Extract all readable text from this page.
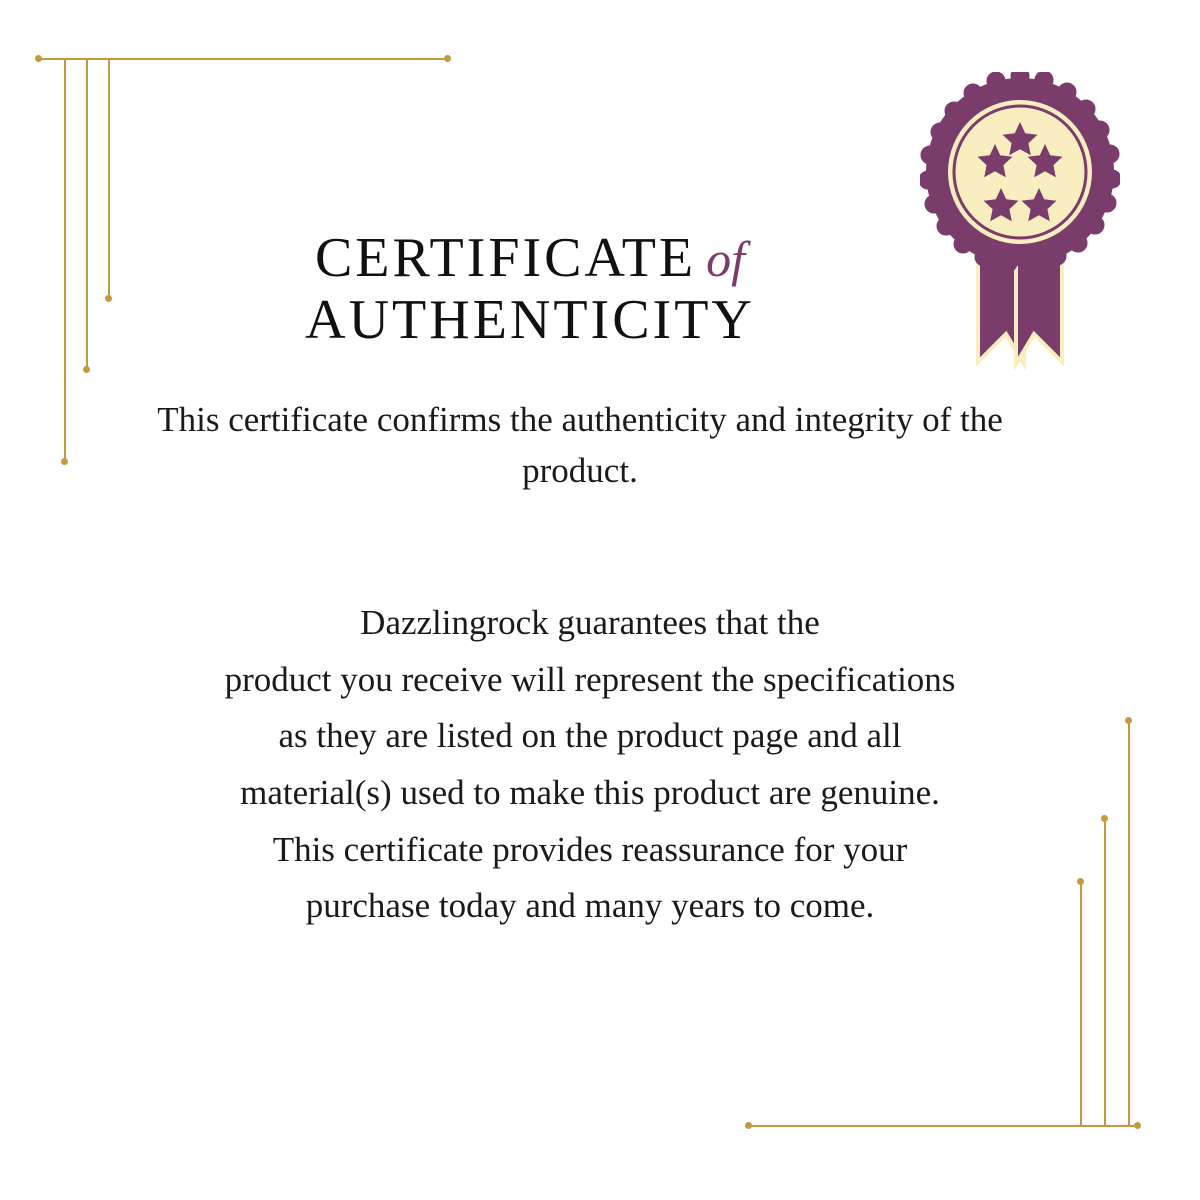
CERTIFICATE of
AUTHENTICITY
This certificate confirms the authenticity and integrity of the product.
Dazzlingrock guarantees that the
product you receive will represent the specifications
as they are listed on the product page and all
material(s) used to make this product are genuine.
This certificate provides reassurance for your
purchase today and many years to come.
